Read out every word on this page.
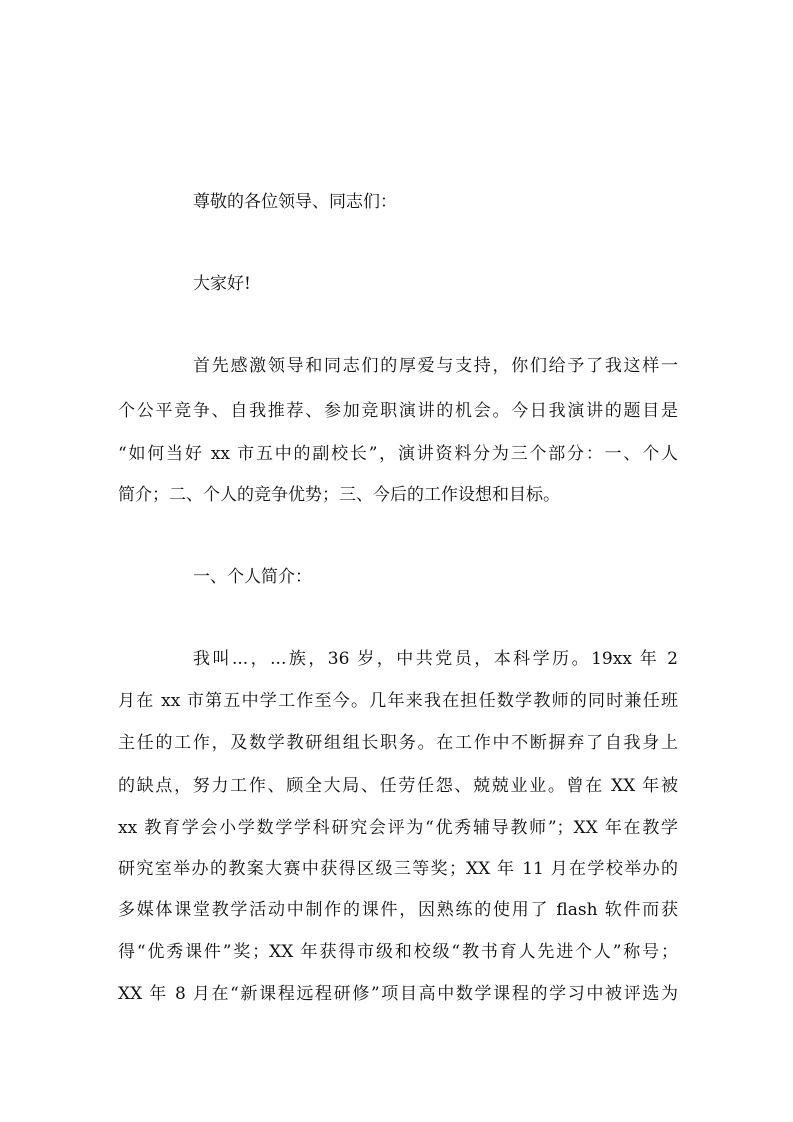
尊敬的各位领导、同志们：
大家好!
首先感激领导和同志们的厚爱与支持，你们给予了我这样一
个公平竞争、自我推荐、参加竞职演讲的机会。今日我演讲的题目是
“如何当好 xx 市五中的副校长”，演讲资料分为三个部分：一、个人
简介；二、个人的竞争优势；三、今后的工作设想和目标。
一、个人简介：
我叫...，...族，36 岁，中共党员，本科学历。19xx 年 2
月在 xx 市第五中学工作至今。几年来我在担任数学教师的同时兼任班
主任的工作，及数学教研组组长职务。在工作中不断摒弃了自我身上
的缺点，努力工作、顾全大局、任劳任怨、兢兢业业。曾在 XX 年被
xx 教育学会小学数学学科研究会评为“优秀辅导教师”；XX 年在教学
研究室举办的教案大赛中获得区级三等奖；XX 年 11 月在学校举办的
多媒体课堂教学活动中制作的课件，因熟练的使用了 flash 软件而获
得“优秀课件”奖；XX 年获得市级和校级“教书育人先进个人”称号；
XX 年 8 月在“新课程远程研修”项目高中数学课程的学习中被评选为
